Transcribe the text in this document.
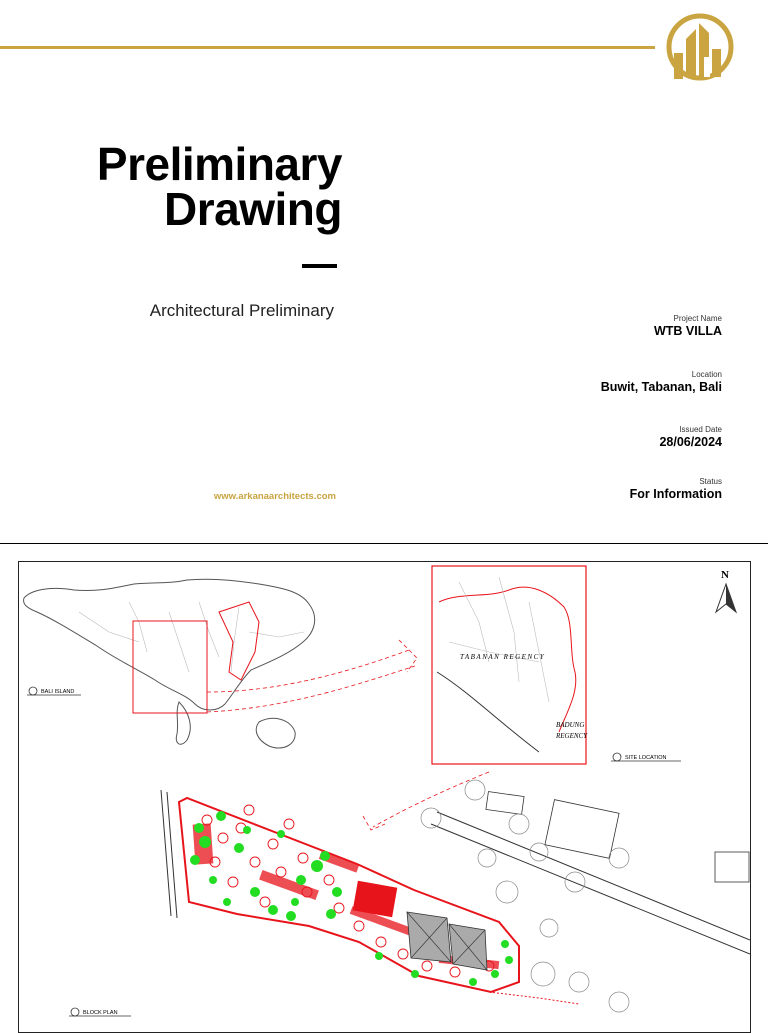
Preliminary
Drawing
Architectural Preliminary
www.arkanaarchitects.com
Project Name
WTB VILLA
Location
Buwit, Tabanan, Bali
Issued Date
28/06/2024
Status
For Information
BALI ISLAND
TABANAN REGENCY
BADUNG
REGENCY
SITE LOCATION
N
BLOCK PLAN
